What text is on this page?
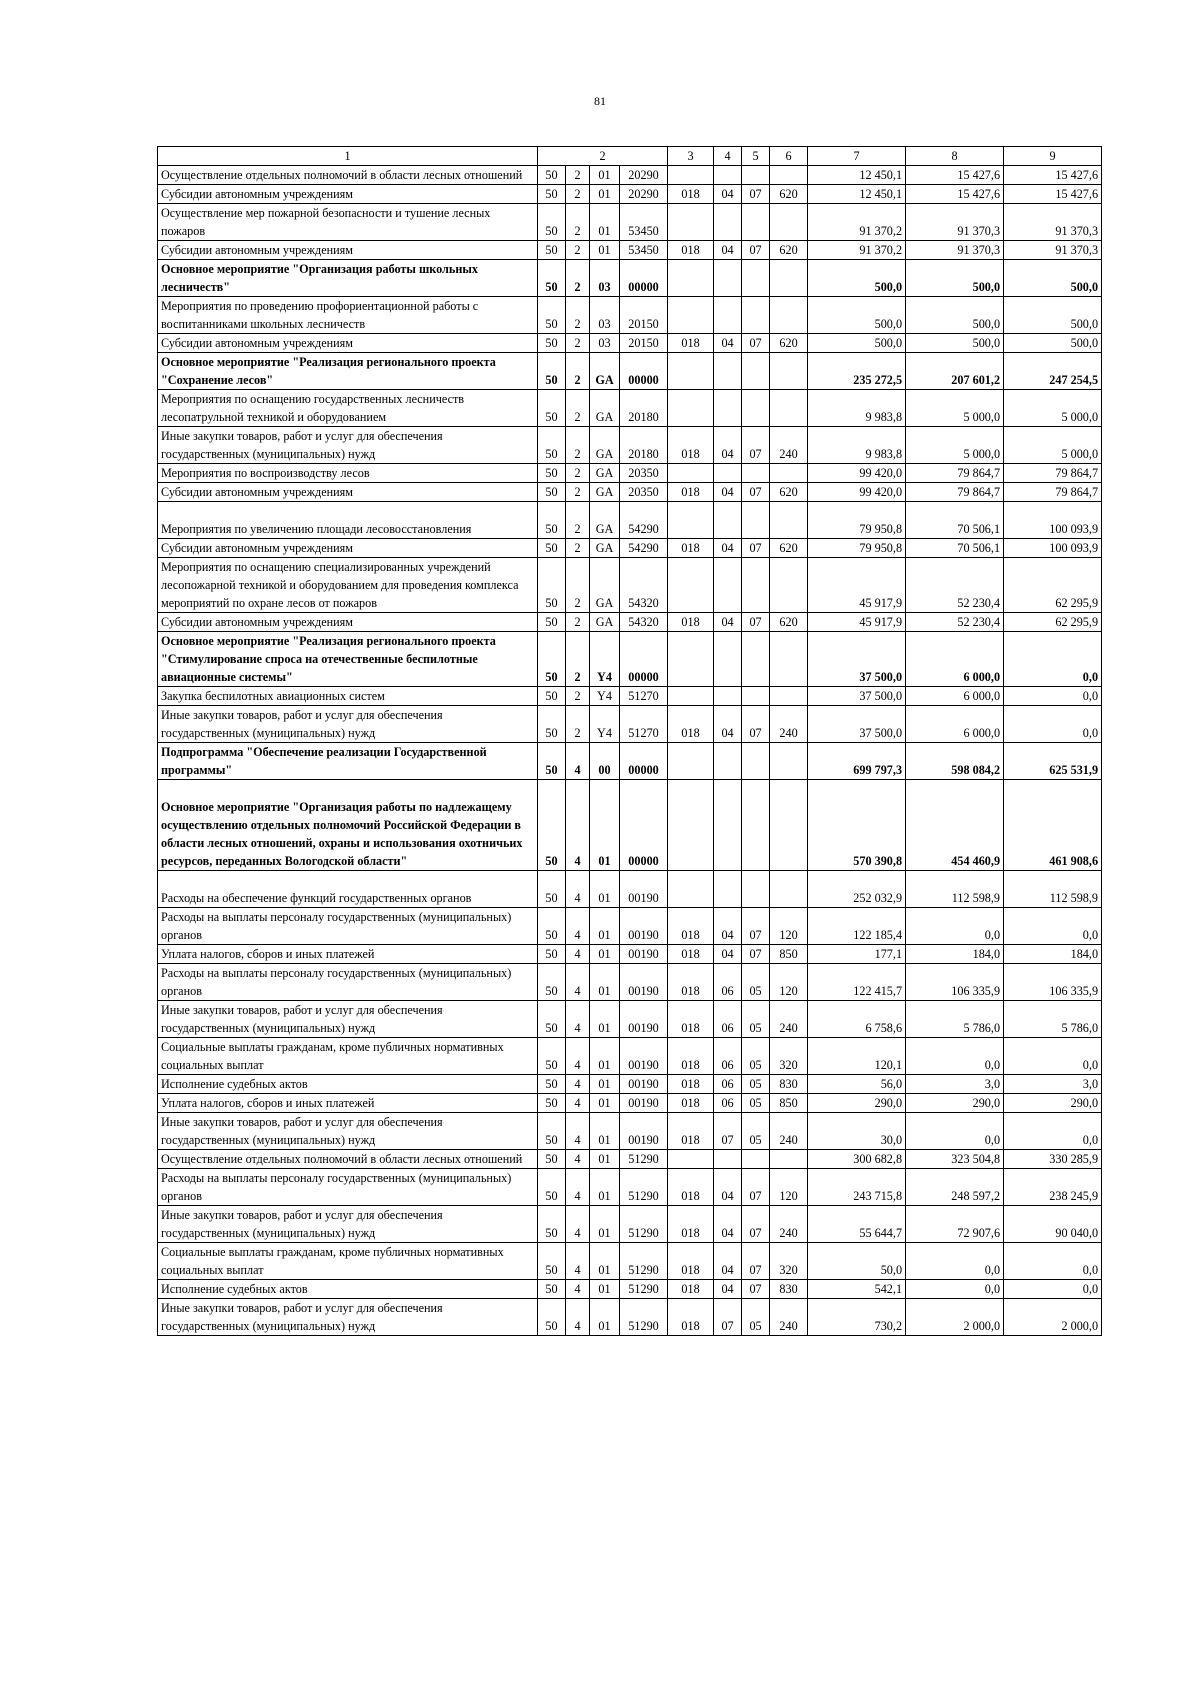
81
1	2				3	4	5	6	7	8	9
Осуществление отдельных полномочий в области лесных отношений	50	2	01	20290					12 450,1	15 427,6	15 427,6
Субсидии автономным учреждениям	50	2	01	20290	018	04	07	620	12 450,1	15 427,6	15 427,6
Осуществление мер пожарной безопасности и тушение лесных пожаров	50	2	01	53450					91 370,2	91 370,3	91 370,3
Субсидии автономным учреждениям	50	2	01	53450	018	04	07	620	91 370,2	91 370,3	91 370,3
Основное мероприятие "Организация работы школьных лесничеств"	50	2	03	00000					500,0	500,0	500,0
Мероприятия по проведению профориентационной работы с воспитанниками школьных лесничеств	50	2	03	20150					500,0	500,0	500,0
Субсидии автономным учреждениям	50	2	03	20150	018	04	07	620	500,0	500,0	500,0
Основное мероприятие "Реализация регионального проекта "Сохранение лесов"	50	2	GA	00000					235 272,5	207 601,2	247 254,5
Мероприятия по оснащению государственных лесничеств лесопатрульной техникой и оборудованием	50	2	GA	20180					9 983,8	5 000,0	5 000,0
Иные закупки товаров, работ и услуг для обеспечения государственных (муниципальных) нужд	50	2	GA	20180	018	04	07	240	9 983,8	5 000,0	5 000,0
Мероприятия по воспроизводству лесов	50	2	GA	20350					99 420,0	79 864,7	79 864,7
Субсидии автономным учреждениям	50	2	GA	20350	018	04	07	620	99 420,0	79 864,7	79 864,7

Мероприятия по увеличению площади лесовосстановления	50	2	GA	54290					79 950,8	70 506,1	100 093,9
Субсидии автономным учреждениям	50	2	GA	54290	018	04	07	620	79 950,8	70 506,1	100 093,9
Мероприятия по оснащению специализированных учреждений лесопожарной техникой и оборудованием для проведения комплекса мероприятий по охране лесов от пожаров	50	2	GA	54320					45 917,9	52 230,4	62 295,9
Субсидии автономным учреждениям	50	2	GA	54320	018	04	07	620	45 917,9	52 230,4	62 295,9
Основное мероприятие "Реализация регионального проекта "Стимулирование спроса на отечественные беспилотные авиационные системы"	50	2	Y4	00000					37 500,0	6 000,0	0,0
Закупка беспилотных авиационных систем	50	2	Y4	51270					37 500,0	6 000,0	0,0
Иные закупки товаров, работ и услуг для обеспечения государственных (муниципальных) нужд	50	2	Y4	51270	018	04	07	240	37 500,0	6 000,0	0,0
Подпрограмма "Обеспечение реализации Государственной программы"	50	4	00	00000					699 797,3	598 084,2	625 531,9

Основное мероприятие "Организация работы по надлежащему осуществлению отдельных полномочий Российской Федерации в области лесных отношений, охраны и использования охотничьих ресурсов, переданных Вологодской области"	50	4	01	00000					570 390,8	454 460,9	461 908,6

Расходы на обеспечение функций государственных органов	50	4	01	00190					252 032,9	112 598,9	112 598,9
Расходы на выплаты персоналу государственных (муниципальных) органов	50	4	01	00190	018	04	07	120	122 185,4	0,0	0,0
Уплата налогов, сборов и иных платежей	50	4	01	00190	018	04	07	850	177,1	184,0	184,0
Расходы на выплаты персоналу государственных (муниципальных) органов	50	4	01	00190	018	06	05	120	122 415,7	106 335,9	106 335,9
Иные закупки товаров, работ и услуг для обеспечения государственных (муниципальных) нужд	50	4	01	00190	018	06	05	240	6 758,6	5 786,0	5 786,0
Социальные выплаты гражданам, кроме публичных нормативных социальных выплат	50	4	01	00190	018	06	05	320	120,1	0,0	0,0
Исполнение судебных актов	50	4	01	00190	018	06	05	830	56,0	3,0	3,0
Уплата налогов, сборов и иных платежей	50	4	01	00190	018	06	05	850	290,0	290,0	290,0
Иные закупки товаров, работ и услуг для обеспечения государственных (муниципальных) нужд	50	4	01	00190	018	07	05	240	30,0	0,0	0,0
Осуществление отдельных полномочий в области лесных отношений	50	4	01	51290					300 682,8	323 504,8	330 285,9
Расходы на выплаты персоналу государственных (муниципальных) органов	50	4	01	51290	018	04	07	120	243 715,8	248 597,2	238 245,9
Иные закупки товаров, работ и услуг для обеспечения государственных (муниципальных) нужд	50	4	01	51290	018	04	07	240	55 644,7	72 907,6	90 040,0
Социальные выплаты гражданам, кроме публичных нормативных социальных выплат	50	4	01	51290	018	04	07	320	50,0	0,0	0,0
Исполнение судебных актов	50	4	01	51290	018	04	07	830	542,1	0,0	0,0
Иные закупки товаров, работ и услуг для обеспечения государственных (муниципальных) нужд	50	4	01	51290	018	07	05	240	730,2	2 000,0	2 000,0
